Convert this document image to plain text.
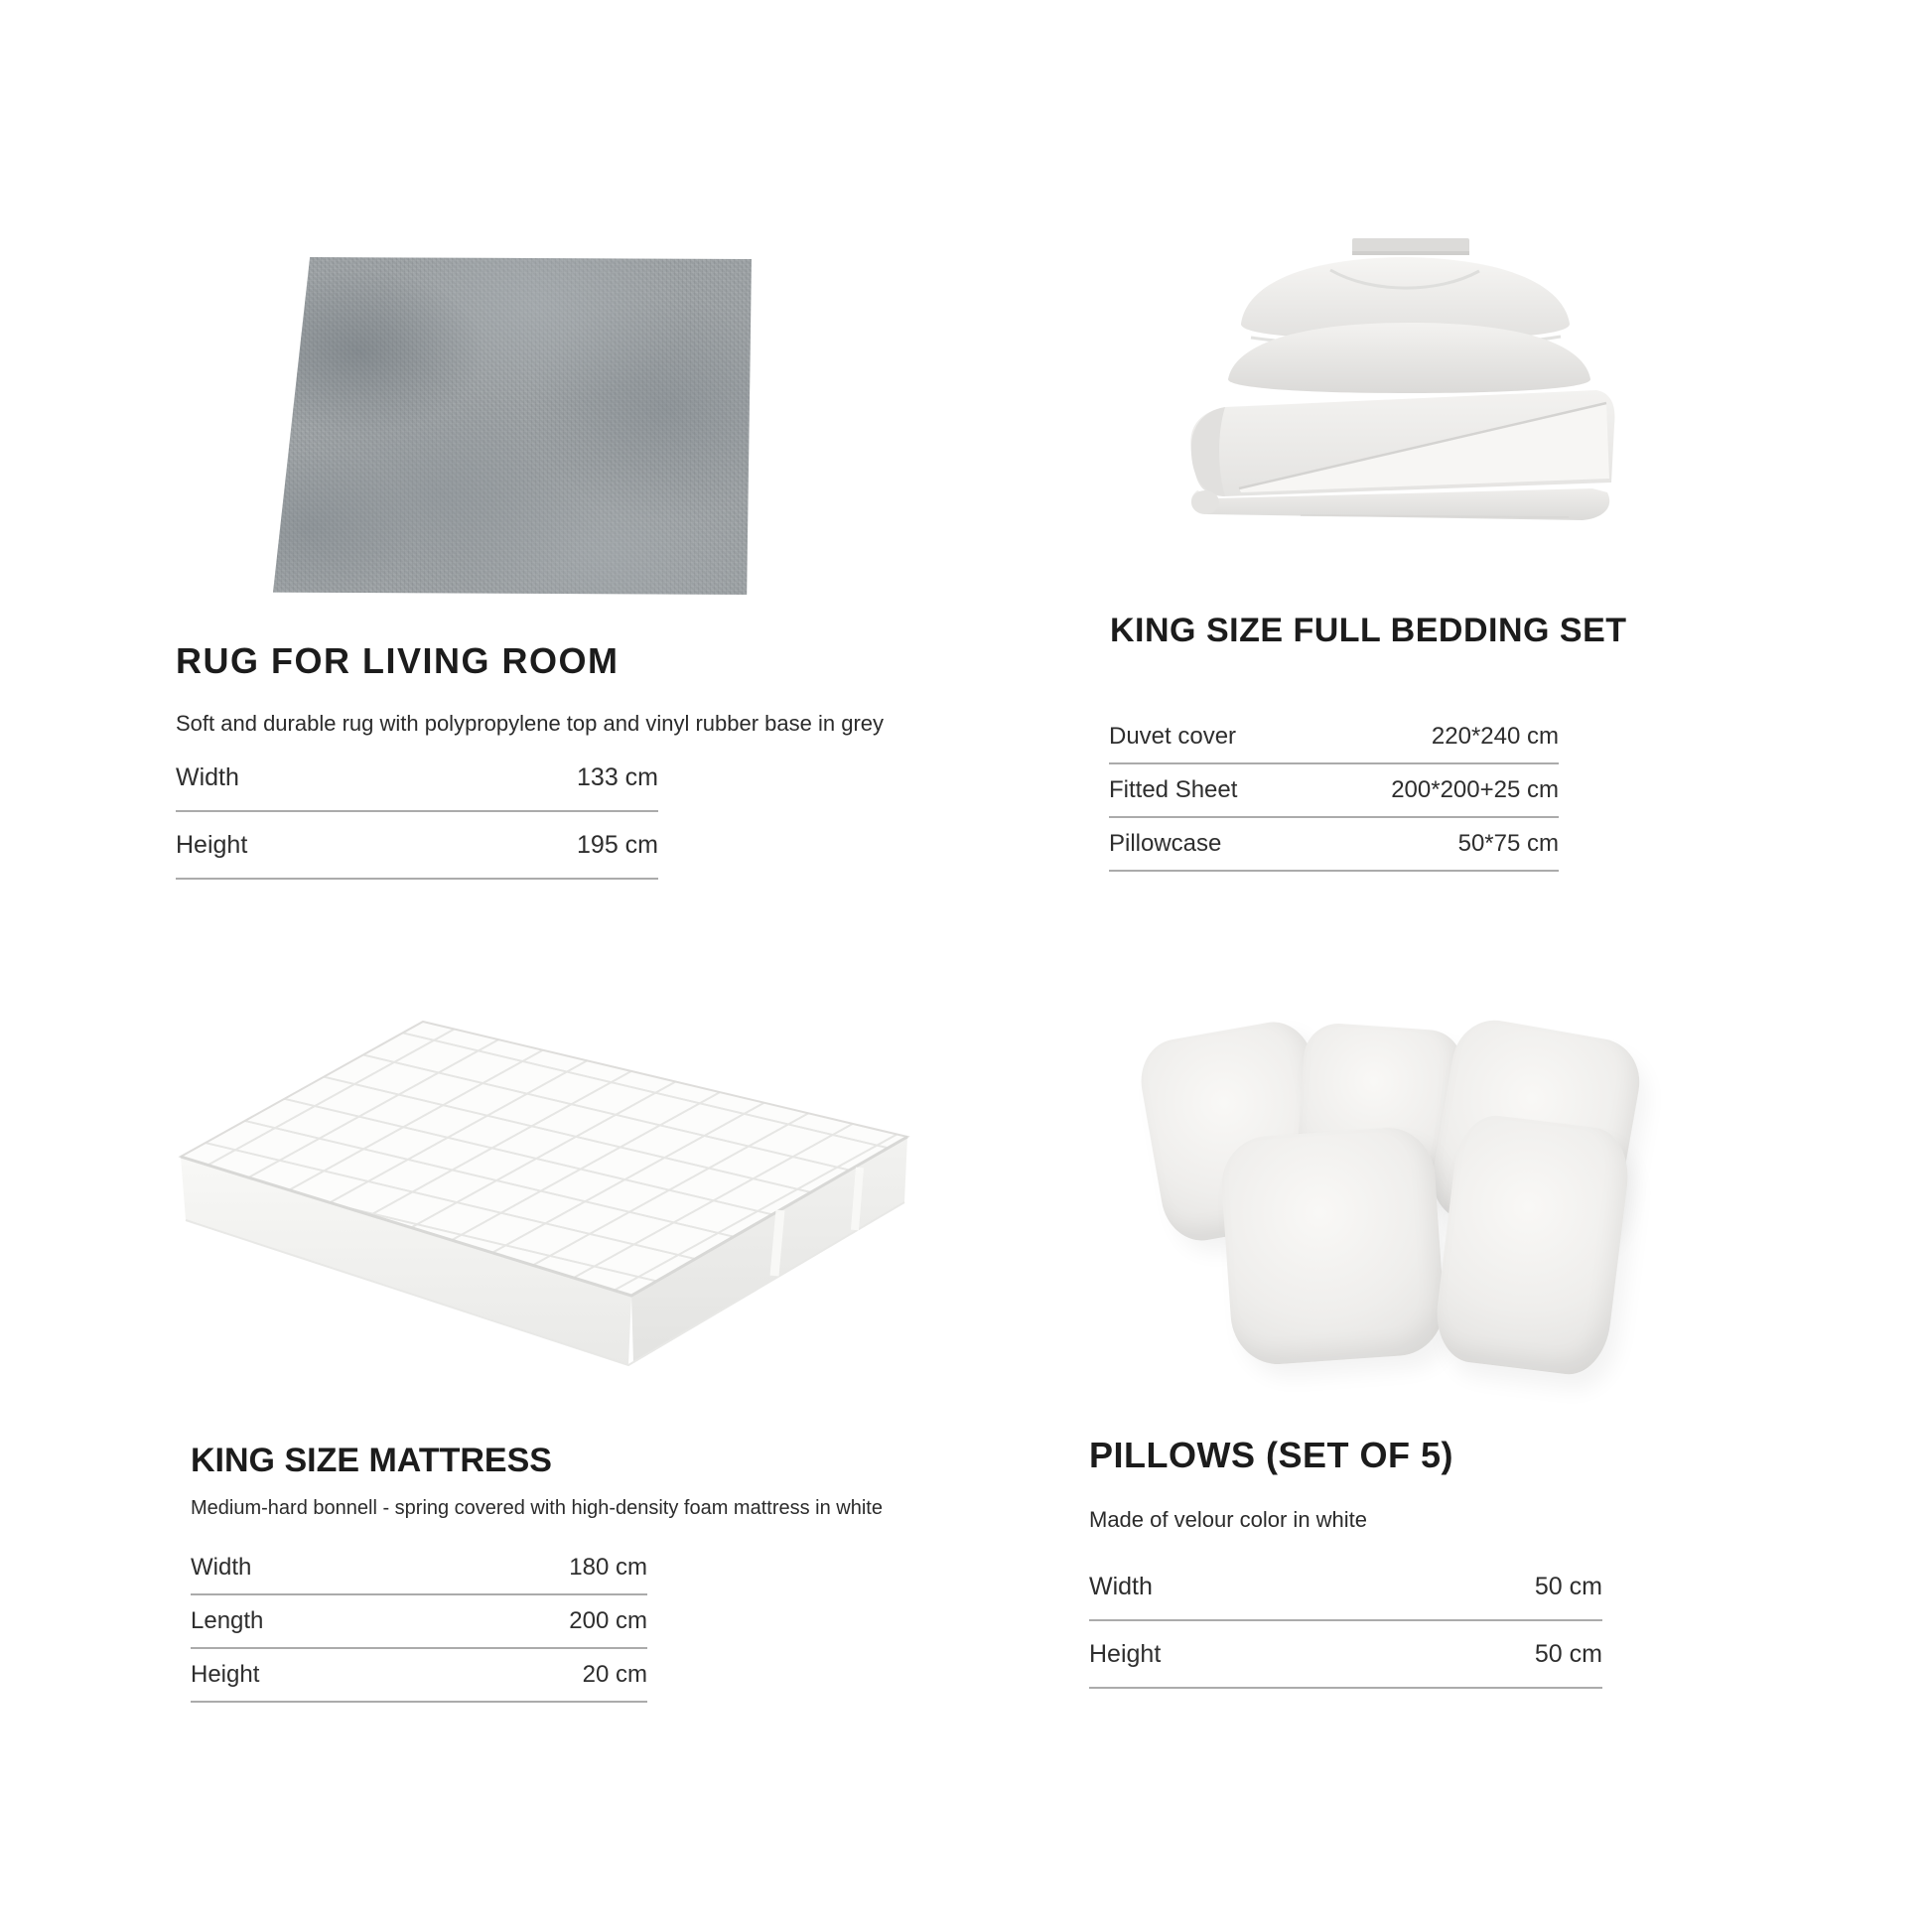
RUG FOR LIVING ROOM
Soft and durable rug with polypropylene top and vinyl rubber base in grey
Width	133 cm
Height	195 cm
KING SIZE FULL BEDDING SET
Duvet cover	220*240 cm
Fitted Sheet	200*200+25 cm
Pillowcase	50*75 cm
KING SIZE MATTRESS
Medium-hard bonnell - spring covered with high-density foam mattress in white
Width	180 cm
Length	200 cm
Height	20 cm
PILLOWS (SET OF 5)
Made of velour color in white
Width	50 cm
Height	50 cm
